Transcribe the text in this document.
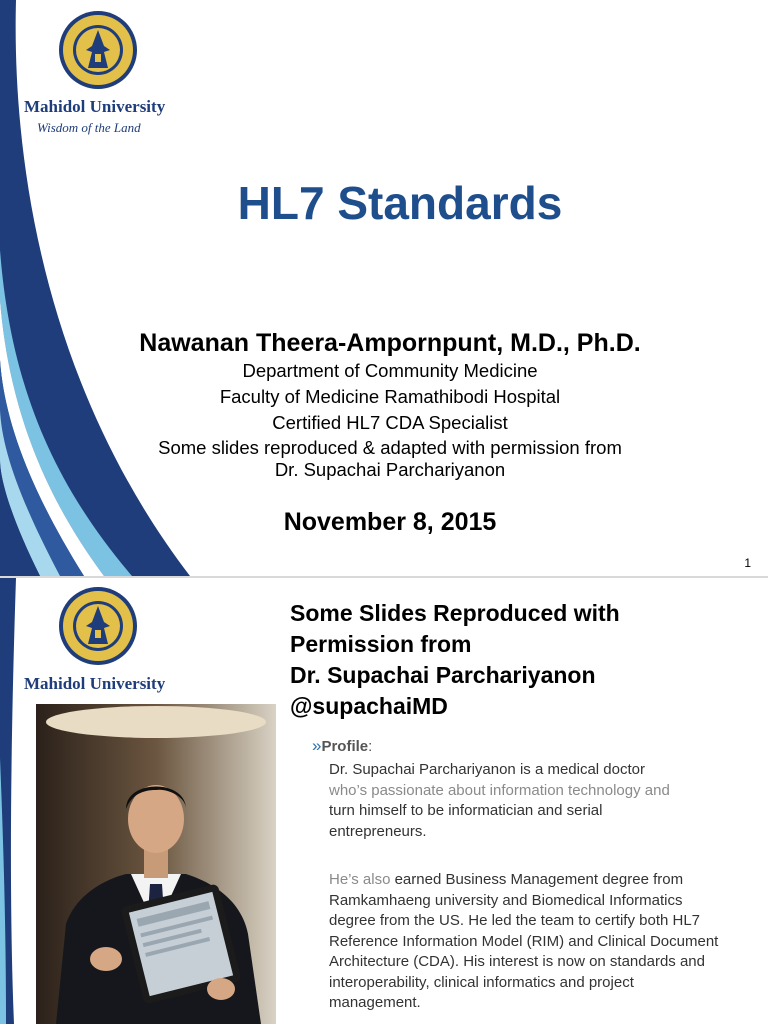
Mahidol University
Wisdom of the Land
HL7 Standards
Nawanan Theera-Ampornpunt, M.D., Ph.D.
Department of Community Medicine
Faculty of Medicine Ramathibodi Hospital
Certified HL7 CDA Specialist
Some slides reproduced & adapted with permission from
Dr. Supachai Parchariyanon
November 8, 2015
1
Mahidol University
Some Slides Reproduced with
Permission from
Dr. Supachai Parchariyanon
@supachaiMD
»Profile:
Dr. Supachai Parchariyanon is a medical doctor
who’s passionate about information technology and
turn himself to be informatician and serial entrepreneurs.
He’s also earned Business Management degree from Ramkamhaeng university and Biomedical Informatics degree from the US. He led the team to certify both HL7 Reference Information Model (RIM) and Clinical Document Architecture (CDA). His interest is now on standards and interoperability, clinical informatics and project management.
